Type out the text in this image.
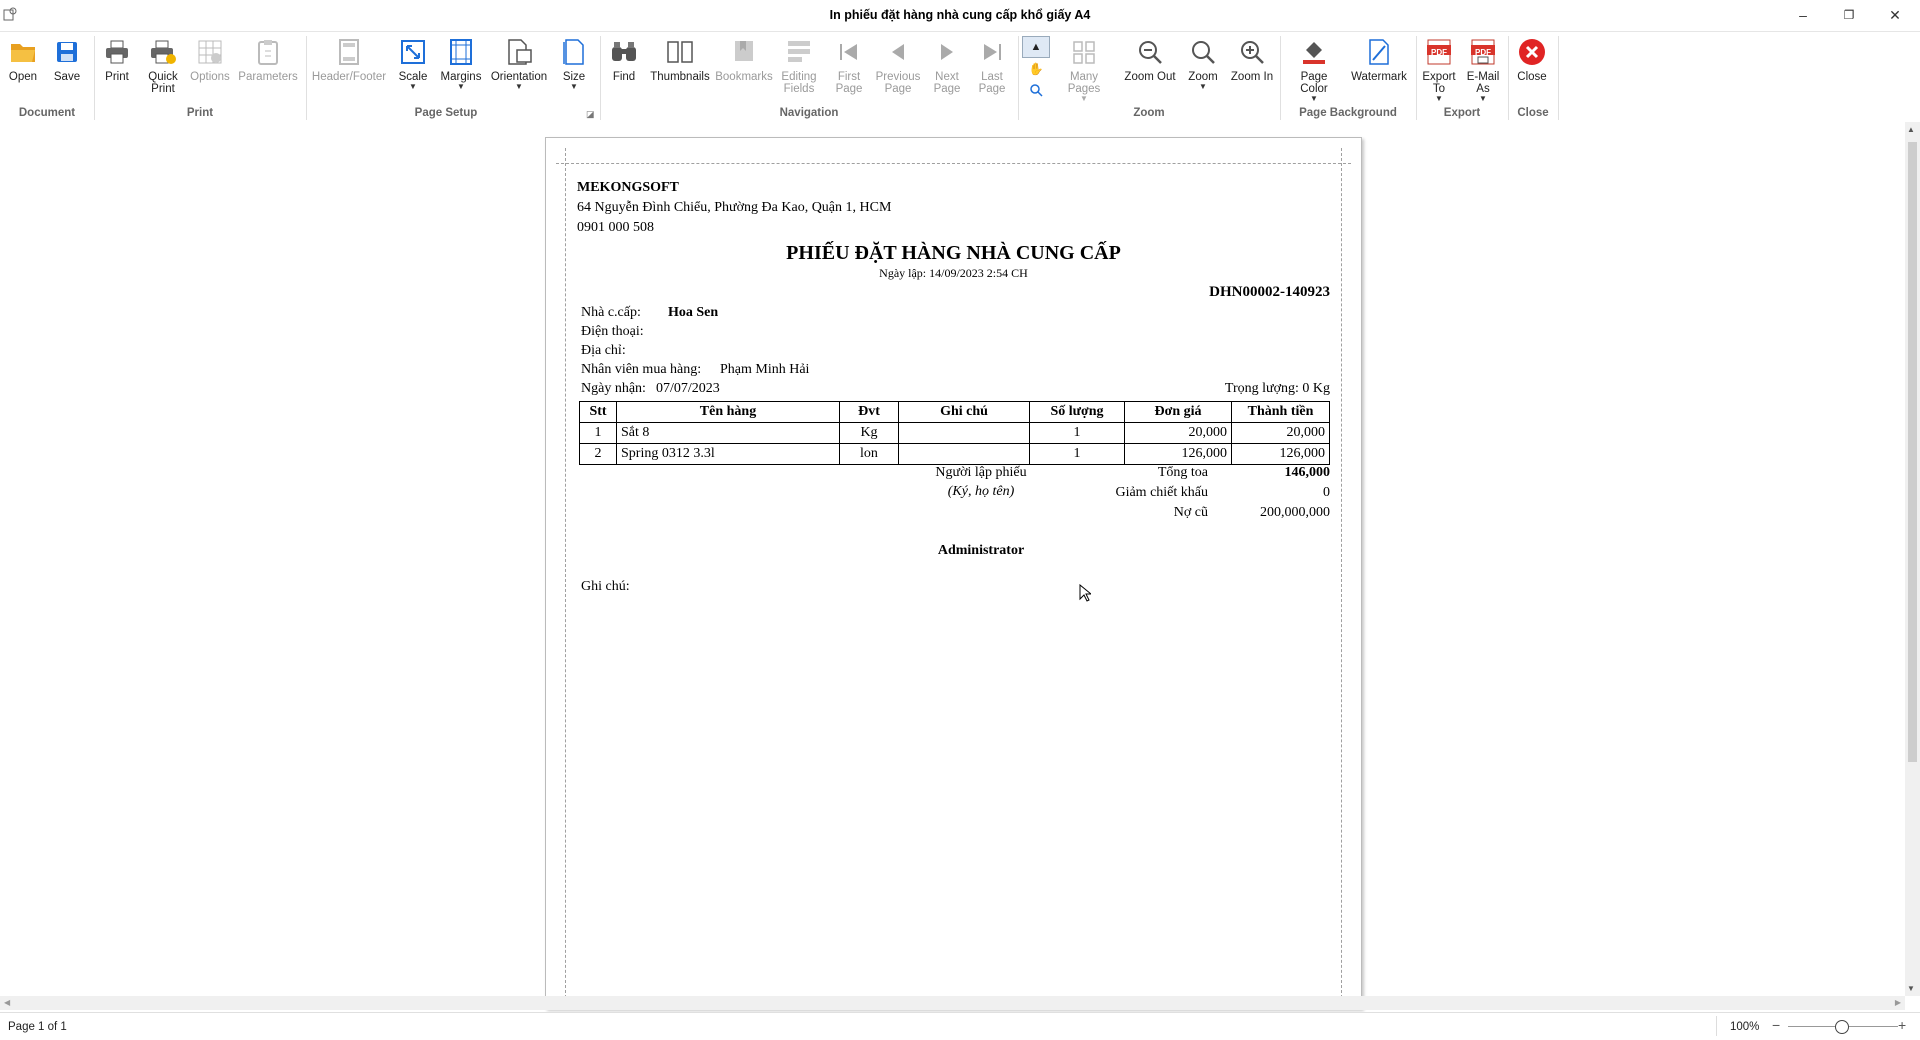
In phiếu đặt hàng nhà cung cấp khổ giấy A4	–	❐	✕
Open Save
Document
Print Quick
Print
Options Parameters
Print
Header/Footer Scale
▼
Margins
▼
Orientation
▼
Size
▼
Page Setup	◪
Find Thumbnails Bookmarks Editing
Fields
First
Page
Previous
Page
Next
Page
Last
Page
Navigation
▲
✋
Many Pages
▼
Zoom Out Zoom
▼
Zoom In
Zoom
Page Color
▼
Watermark
Page Background
PDF
Export
To
▼
PDF
E-Mail
As
▼
Export
Close
Close
MEKONGSOFT
64 Nguyễn Đình Chiểu, Phường Đa Kao, Quận 1, HCM
0901 000 508
PHIẾU ĐẶT HÀNG NHÀ CUNG CẤP
Ngày lập: 14/09/2023 2:54 CH
DHN00002-140923
Nhà c.cấp: Hoa Sen
Điện thoại:
Địa chỉ:
Nhân viên mua hàng: Phạm Minh Hải
Ngày nhận: 07/07/2023	Trọng lượng: 0 Kg
Stt	Tên hàng	Đvt	Ghi chú	Số lượng	Đơn giá	Thành tiền
1	Sắt 8	Kg		1	20,000	20,000
2	Spring 0312 3.3l	lon		1	126,000	126,000
Người lập phiếu
(Ký, họ tên)
Administrator
Tổng toa	146,000
Giảm chiết khấu	0
Nợ cũ	200,000,000
Ghi chú:
▲
▼
◀	▶
Page 1 of 1	100% −	+
